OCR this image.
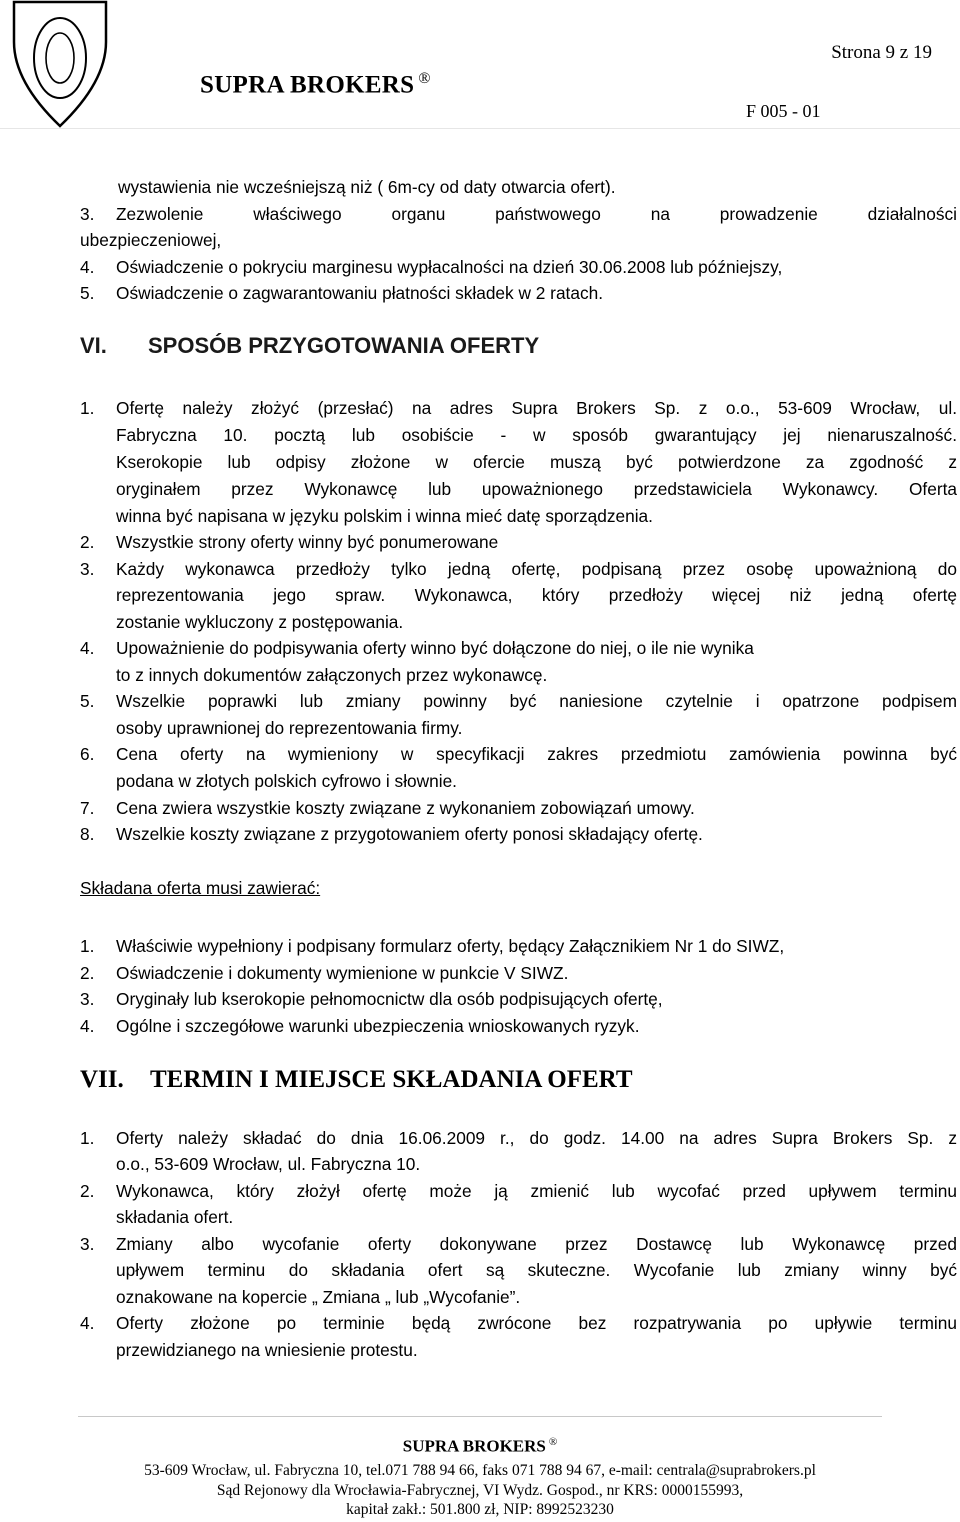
SUPRA BROKERS ®
Strona 9 z 19
F 005 - 01
wystawienia nie wcześniejszą niż ( 6m-cy od daty otwarcia ofert).
3. Zezwolenie właściwego organu państwowego na prowadzenie działalności
ubezpieczeniowej,
4. Oświadczenie o pokryciu marginesu wypłacalności na dzień 30.06.2008 lub późniejszy,
5. Oświadczenie o zagwarantowaniu płatności składek w 2 ratach.
VI. SPOSÓB PRZYGOTOWANIA OFERTY
1. Ofertę należy złożyć (przesłać) na adres Supra Brokers Sp. z o.o., 53-609 Wrocław, ul.
Fabryczna 10. pocztą lub osobiście - w sposób gwarantujący jej nienaruszalność.
Kserokopie lub odpisy złożone w ofercie muszą być potwierdzone za zgodność z
oryginałem przez Wykonawcę lub upoważnionego przedstawiciela Wykonawcy. Oferta
winna być napisana w języku polskim i winna mieć datę sporządzenia.
2. Wszystkie strony oferty winny być ponumerowane
3. Każdy wykonawca przedłoży tylko jedną ofertę, podpisaną przez osobę upoważnioną do
reprezentowania jego spraw. Wykonawca, który przedłoży więcej niż jedną ofertę
zostanie wykluczony z postępowania.
4. Upoważnienie do podpisywania oferty winno być dołączone do niej, o ile nie wynika
to z innych dokumentów załączonych przez wykonawcę.
5. Wszelkie poprawki lub zmiany powinny być naniesione czytelnie i opatrzone podpisem
osoby uprawnionej do reprezentowania firmy.
6. Cena oferty na wymieniony w specyfikacji zakres przedmiotu zamówienia powinna być
podana w złotych polskich cyfrowo i słownie.
7. Cena zwiera wszystkie koszty związane z wykonaniem zobowiązań umowy.
8. Wszelkie koszty związane z przygotowaniem oferty ponosi składający ofertę.
Składana oferta musi zawierać:
1. Właściwie wypełniony i podpisany formularz oferty, będący Załącznikiem Nr 1 do SIWZ,
2. Oświadczenie i dokumenty wymienione w punkcie V SIWZ.
3. Oryginały lub kserokopie pełnomocnictw dla osób podpisujących ofertę,
4. Ogólne i szczegółowe warunki ubezpieczenia wnioskowanych ryzyk.
VII. TERMIN I MIEJSCE SKŁADANIA OFERT
1. Oferty należy składać do dnia 16.06.2009 r., do godz. 14.00 na adres Supra Brokers Sp. z
o.o., 53-609 Wrocław, ul. Fabryczna 10.
2. Wykonawca, który złożył ofertę może ją zmienić lub wycofać przed upływem terminu
składania ofert.
3. Zmiany albo wycofanie oferty dokonywane przez Dostawcę lub Wykonawcę przed
upływem terminu do składania ofert są skuteczne. Wycofanie lub zmiany winny być
oznakowane na kopercie „ Zmiana „ lub „Wycofanie”.
4. Oferty złożone po terminie będą zwrócone bez rozpatrywania po upływie terminu
przewidzianego na wniesienie protestu.
SUPRA BROKERS ®
53-609 Wrocław, ul. Fabryczna 10, tel.071 788 94 66, faks 071 788 94 67, e-mail: centrala@suprabrokers.pl
Sąd Rejonowy dla Wrocławia-Fabrycznej, VI Wydz. Gospod., nr KRS: 0000155993,
kapitał zakł.: 501.800 zł, NIP: 8992523230
